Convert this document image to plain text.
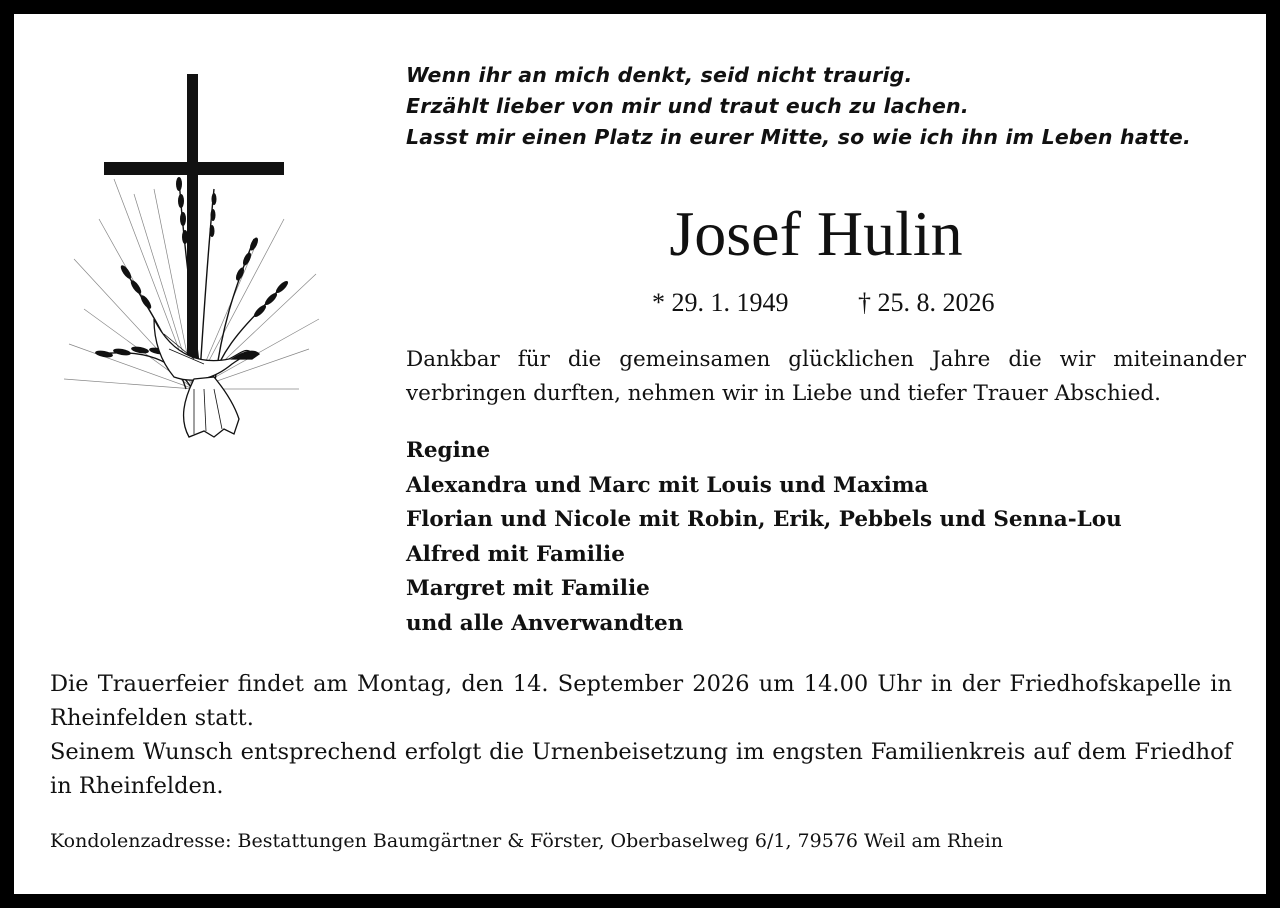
Wenn ihr an mich denkt, seid nicht traurig.
Erzählt lieber von mir und traut euch zu lachen.
Lasst mir einen Platz in eurer Mitte, so wie ich ihn im Leben hatte.
Josef Hulin
* 29. 1. 1949	† 25. 8. 2026
Dankbar für die gemeinsamen glücklichen Jahre die wir miteinander verbringen durften, nehmen wir in Liebe und tiefer Trauer Abschied.
Regine
Alexandra und Marc mit Louis und Maxima
Florian und Nicole mit Robin, Erik, Pebbels und Senna-Lou
Alfred mit Familie
Margret mit Familie
und alle Anverwandten

Die Trauerfeier findet am Montag, den 14. September 2026 um 14.00 Uhr in der Friedhofskapelle in Rheinfelden statt.

Seinem Wunsch entsprechend erfolgt die Urnenbeisetzung im engsten Familienkreis auf dem Friedhof in Rheinfelden.

Kondolenzadresse: Bestattungen Baumgärtner & Förster, Oberbaselweg 6/1, 79576 Weil am Rhein
